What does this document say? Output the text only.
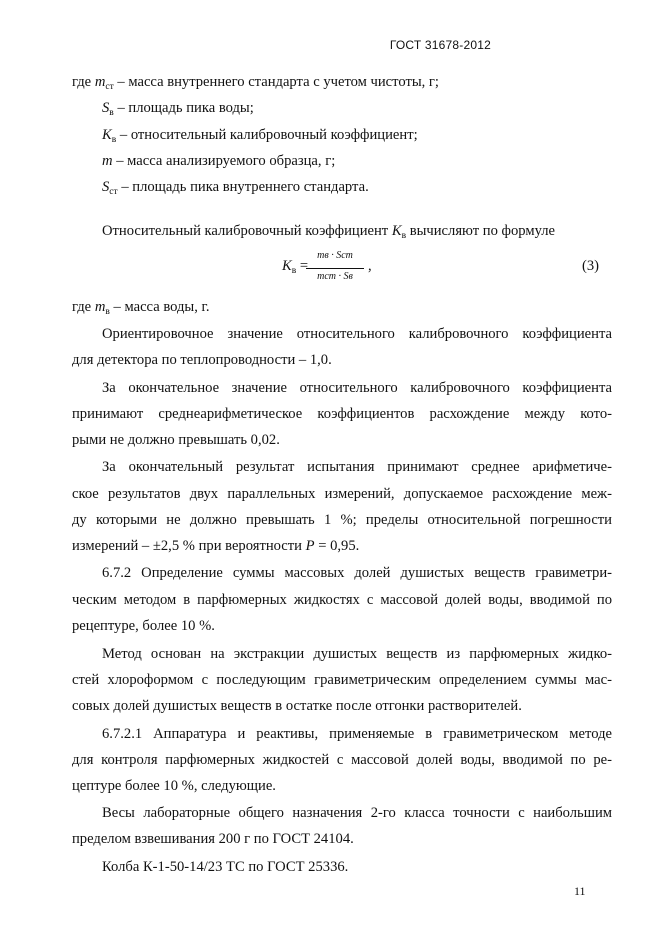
ГОСТ 31678-2012
где $m_{ст}$ – масса внутреннего стандарта с учетом чистоты, г;
$S_в$ – площадь пика воды;
$K_в$ – относительный калибровочный коэффициент;
m – масса анализируемого образца, г;
$S_{ст}$ – площадь пика внутреннего стандарта.
Относительный калибровочный коэффициент $K_в$ вычисляют по формуле
$K_в$ =
mв · Sст
mст · Sв
,	(3)
где $m_в$ – масса воды, г.
Ориентировочное значение относительного калибровочного коэффициента
для детектора по теплопроводности – 1,0.
За окончательное значение относительного калибровочного коэффициента
принимают среднеарифметическое коэффициентов расхождение между кото-
рыми не должно превышать 0,02.
За окончательный результат испытания принимают среднее арифметиче-
ское результатов двух параллельных измерений, допускаемое расхождение меж-
ду которыми не должно превышать 1 %; пределы относительной погрешности
измерений – ±2,5 % при вероятности P = 0,95.
6.7.2 Определение суммы массовых долей душистых веществ гравиметри-
ческим методом в парфюмерных жидкостях с массовой долей воды, вводимой по
рецептуре, более 10 %.
Метод основан на экстракции душистых веществ из парфюмерных жидко-
стей хлороформом с последующим гравиметрическим определением суммы мас-
совых долей душистых веществ в остатке после отгонки растворителей.
6.7.2.1 Аппаратура и реактивы, применяемые в гравиметрическом методе
для контроля парфюмерных жидкостей с массовой долей воды, вводимой по ре-
цептуре более 10 %, следующие.
Весы лабораторные общего назначения 2-го класса точности с наибольшим
пределом взвешивания 200 г по ГОСТ 24104.
Колба К-1-50-14/23 ТС по ГОСТ 25336.
11
